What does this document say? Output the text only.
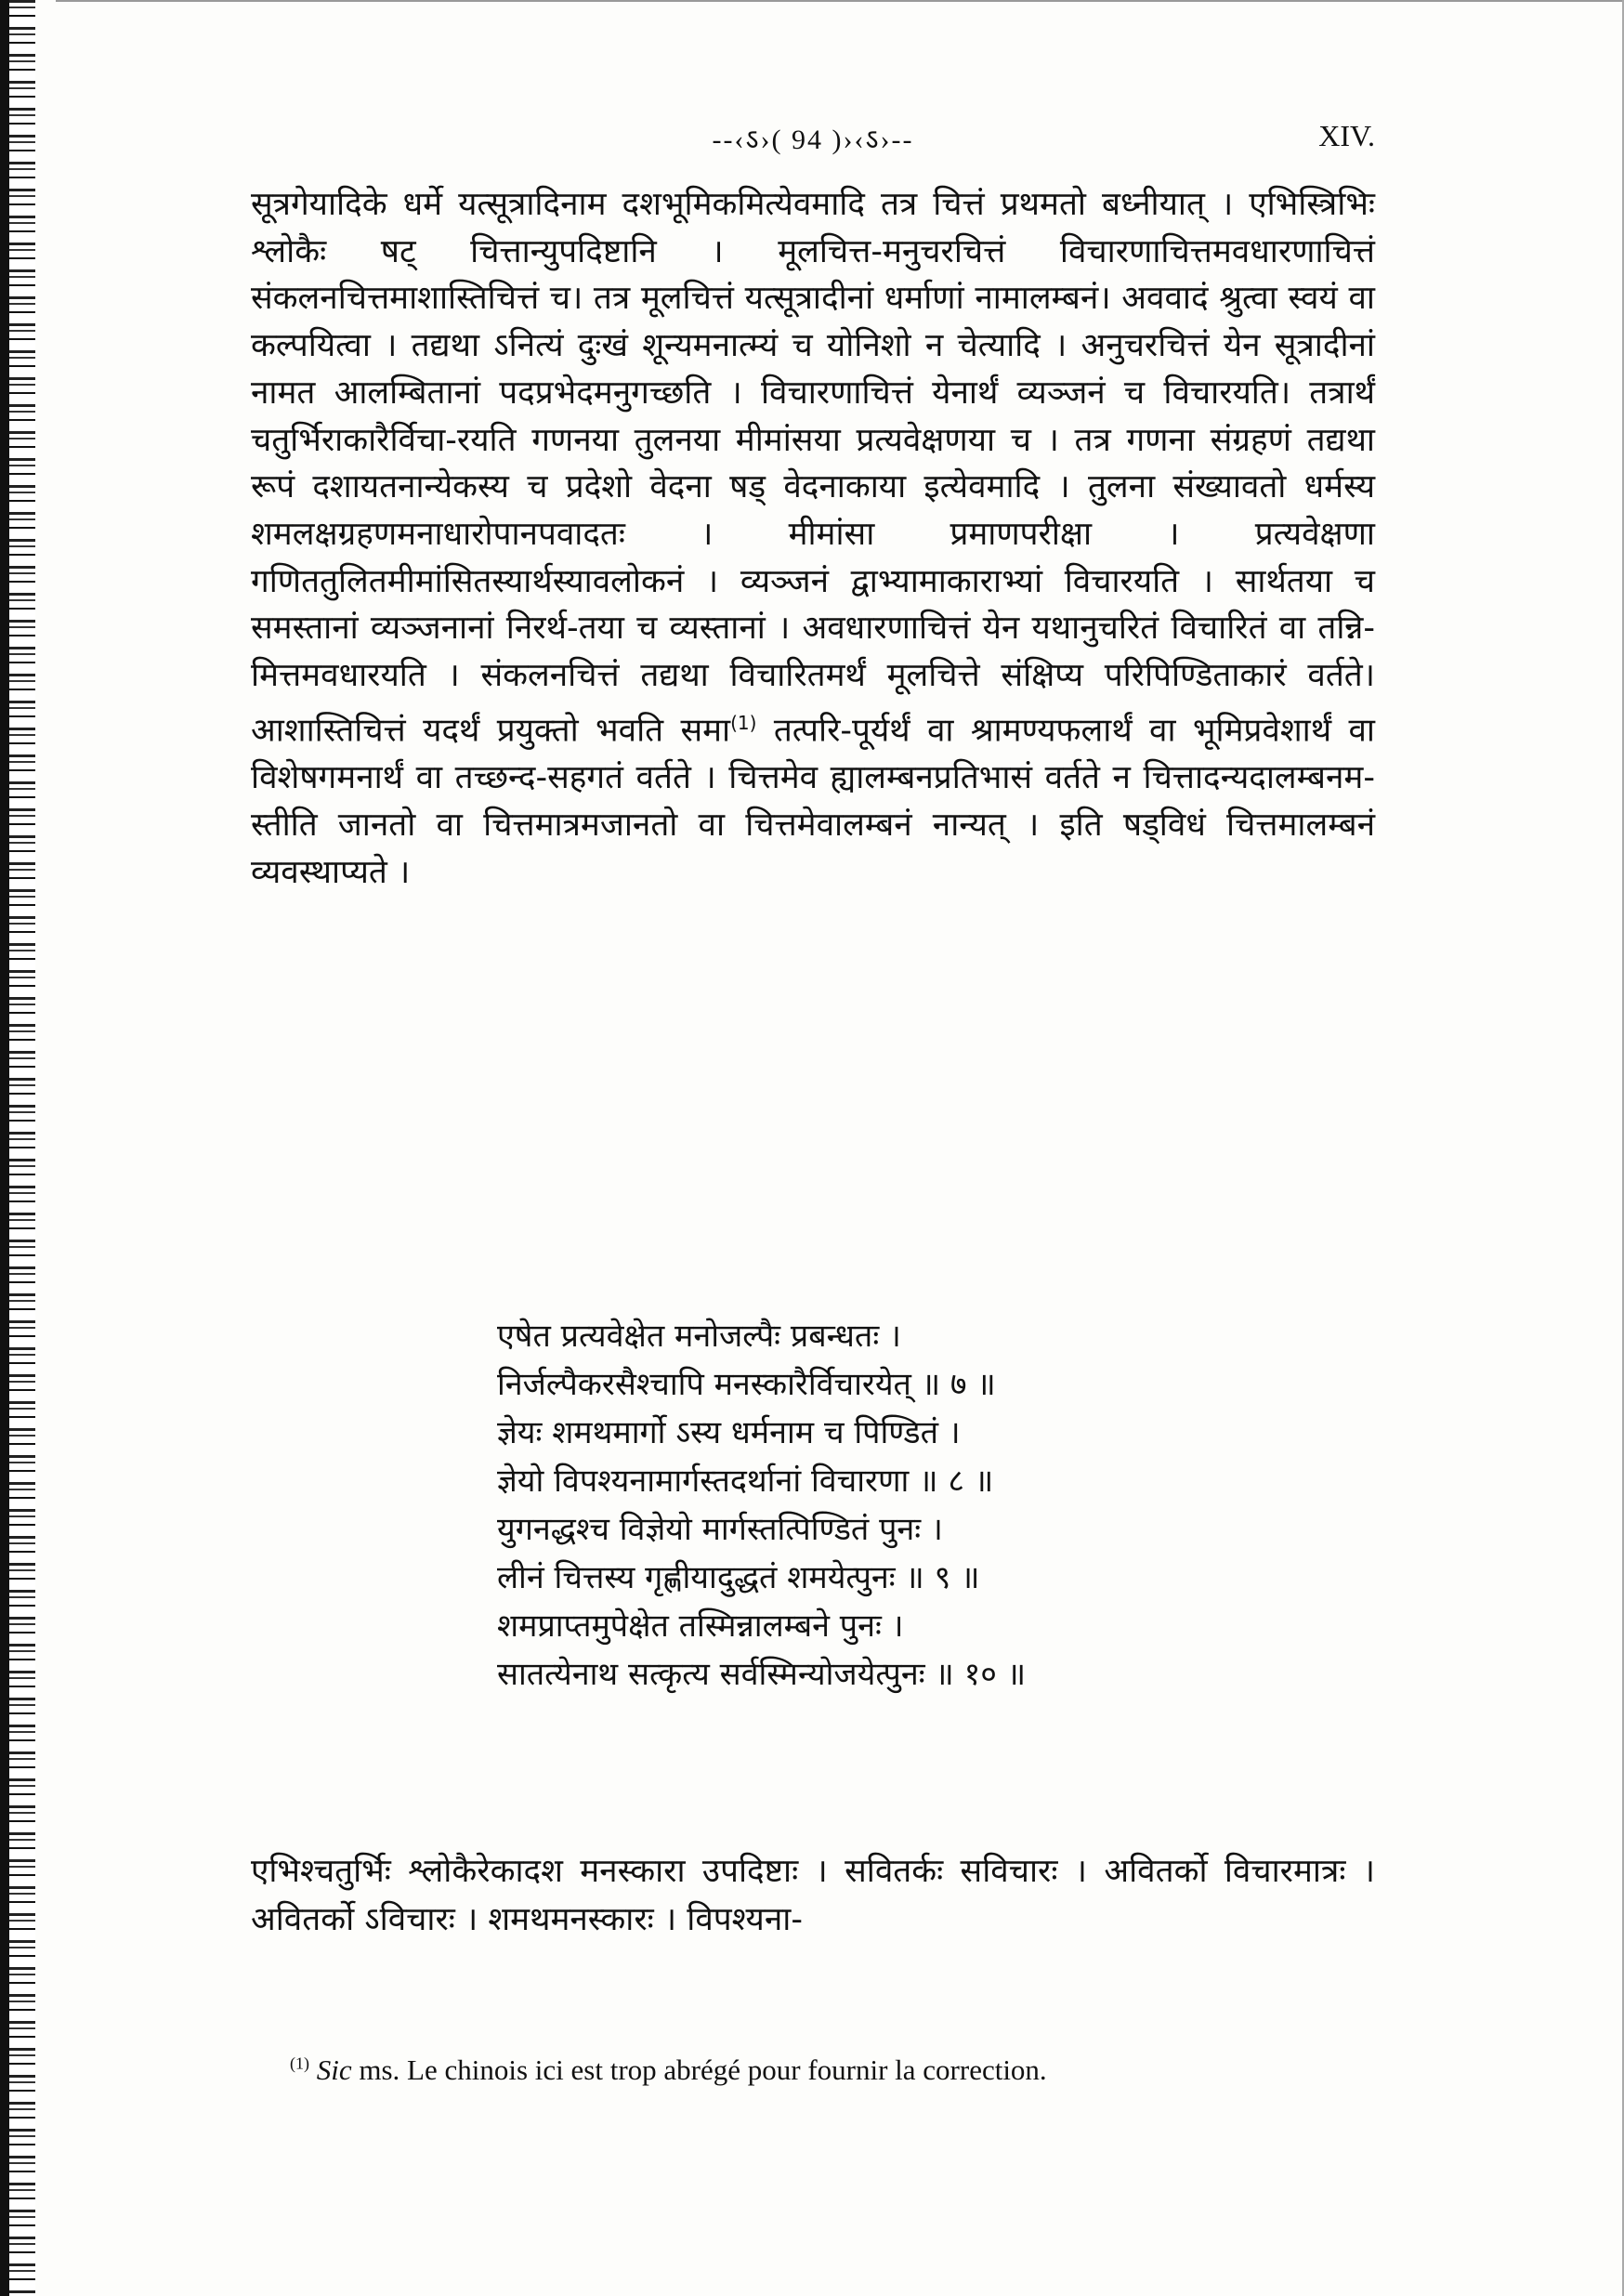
--‹ऽ›( 94 )›‹ऽ›--	XIV.

सूत्रगेयादिके धर्मे यत्सूत्रादिनाम दशभूमिकमित्येवमादि तत्र चित्तं प्रथमतो बध्नीयात् । एभिस्त्रिभिः श्लोकैः षट् चित्तान्युपदिष्टानि । मूलचित्त-मनुचरचित्तं विचारणाचित्तमवधारणाचित्तं संकलनचित्तमाशास्तिचित्तं च। तत्र मूलचित्तं यत्सूत्रादीनां धर्माणां नामालम्बनं। अववादं श्रुत्वा स्वयं वा कल्पयित्वा । तद्यथा ऽनित्यं दुःखं शून्यमनात्म्यं च योनिशो न चेत्यादि । अनुचरचित्तं येन सूत्रादीनां नामत आलम्बितानां पदप्रभेदमनुगच्छति । विचारणाचित्तं येनार्थं व्यञ्जनं च विचारयति। तत्रार्थं चतुर्भिराकारैर्विचा-रयति गणनया तुलनया मीमांसया प्रत्यवेक्षणया च । तत्र गणना संग्रहणं तद्यथा रूपं दशायतनान्येकस्य च प्रदेशो वेदना षड् वेदनाकाया इत्येवमादि । तुलना संख्यावतो धर्मस्य शमलक्षग्रहणमनाधारोपानपवादतः । मीमांसा प्रमाणपरीक्षा । प्रत्यवेक्षणा गणिततुलितमीमांसितस्यार्थस्यावलोकनं । व्यञ्जनं द्वाभ्यामाकाराभ्यां विचारयति । सार्थतया च समस्तानां व्यञ्जनानां निरर्थ-तया च व्यस्तानां । अवधारणाचित्तं येन यथानुचरितं विचारितं वा तन्नि-मित्तमवधारयति । संकलनचित्तं तद्यथा विचारितमर्थं मूलचित्ते संक्षिप्य परिपिण्डिताकारं वर्तते। आशास्तिचित्तं यदर्थं प्रयुक्तो भवति समा$^{(1)}$ तत्परि-पूर्यर्थं वा श्रामण्यफलार्थं वा भूमिप्रवेशार्थं वा विशेषगमनार्थं वा तच्छन्द-सहगतं वर्तते । चित्तमेव ह्यालम्बनप्रतिभासं वर्तते न चित्तादन्यदालम्बनम-स्तीति जानतो वा चित्तमात्रमजानतो वा चित्तमेवालम्बनं नान्यत् । इति षड्विधं चित्तमालम्बनं व्यवस्थाप्यते ।

एषेत प्रत्यवेक्षेत मनोजल्पैः प्रबन्धतः ।
निर्जल्पैकरसैश्चापि मनस्कारैर्विचारयेत् ॥ ७ ॥
ज्ञेयः शमथमार्गो ऽस्य धर्मनाम च पिण्डितं ।
ज्ञेयो विपश्यनामार्गस्तदर्थानां विचारणा ॥ ८ ॥
युगनद्धश्च विज्ञेयो मार्गस्तत्पिण्डितं पुनः ।
लीनं चित्तस्य गृह्णीयादुद्धतं शमयेत्पुनः ॥ ९ ॥
शमप्राप्तमुपेक्षेत तस्मिन्नालम्बने पुनः ।
सातत्येनाथ सत्कृत्य सर्वस्मिन्योजयेत्पुनः ॥ १० ॥

एभिश्चतुर्भिः श्लोकैरेकादश मनस्कारा उपदिष्टाः । सवितर्कः सविचारः । अवितर्को विचारमात्रः । अवितर्को ऽविचारः । शमथमनस्कारः । विपश्यना-

$^{(1)}$ Sic ms. Le chinois ici est trop abrégé pour fournir la correction.
